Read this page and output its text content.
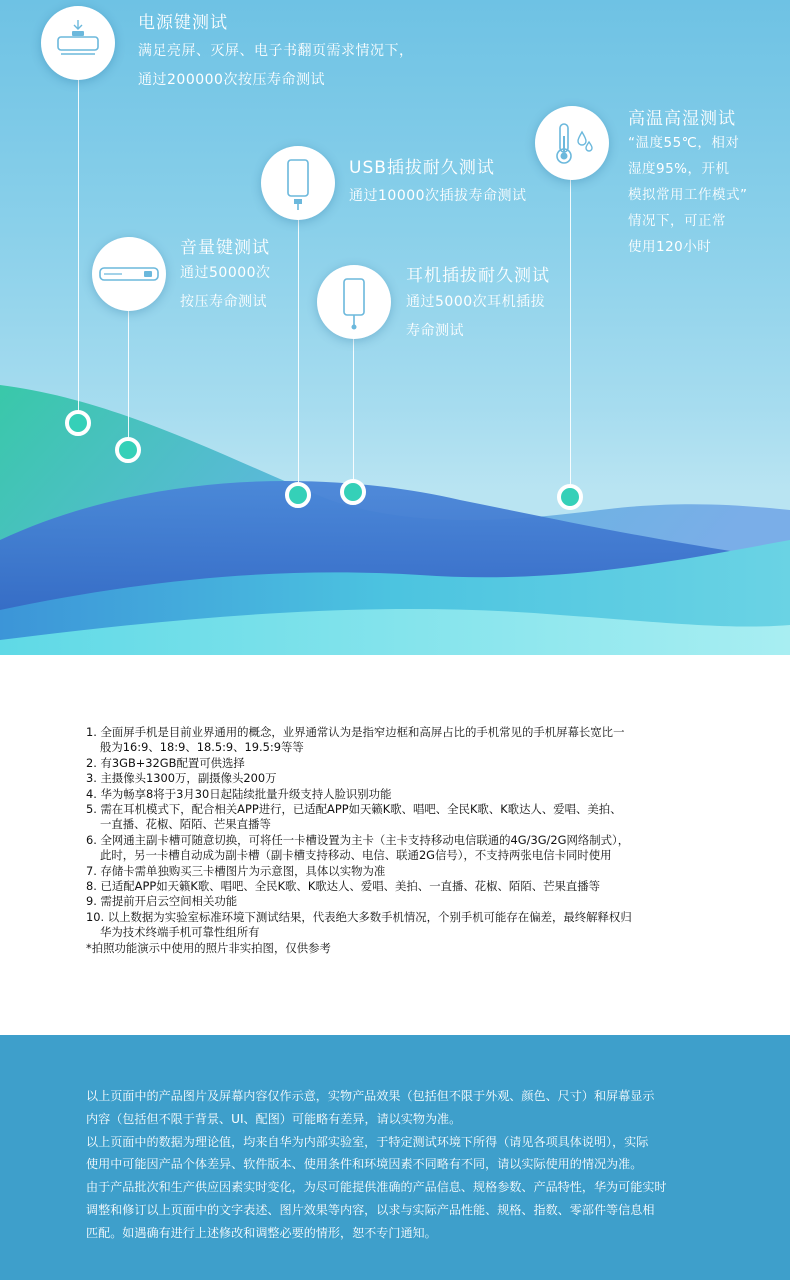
电源键测试
满足亮屏、灭屏、电子书翻页需求情况下，
通过200000次按压寿命测试
USB插拔耐久测试
通过10000次插拔寿命测试
音量键测试
通过50000次
按压寿命测试
耳机插拔耐久测试
通过5000次耳机插拔
寿命测试
高温高湿测试
“温度55℃，相对
湿度95%，开机
模拟常用工作模式”
情况下，可正常
使用120小时
1. 全面屏手机是目前业界通用的概念，业界通常认为是指窄边框和高屏占比的手机常见的手机屏幕长宽比一
般为16:9、18:9、18.5:9、19.5:9等等
2. 有3GB+32GB配置可供选择
3. 主摄像头1300万，副摄像头200万
4. 华为畅享8将于3月30日起陆续批量升级支持人脸识别功能
5. 需在耳机模式下，配合相关APP进行，已适配APP如天籁K歌、唱吧、全民K歌、K歌达人、爱唱、美拍、
一直播、花椒、陌陌、芒果直播等
6. 全网通主副卡槽可随意切换，可将任一卡槽设置为主卡（主卡支持移动电信联通的4G/3G/2G网络制式），
此时，另一卡槽自动成为副卡槽（副卡槽支持移动、电信、联通2G信号），不支持两张电信卡同时使用
7. 存储卡需单独购买三卡槽图片为示意图，具体以实物为准
8. 已适配APP如天籁K歌、唱吧、全民K歌、K歌达人、爱唱、美拍、一直播、花椒、陌陌、芒果直播等
9. 需提前开启云空间相关功能
10. 以上数据为实验室标准环境下测试结果，代表绝大多数手机情况，个别手机可能存在偏差，最终解释权归
华为技术终端手机可靠性组所有
*拍照功能演示中使用的照片非实拍图，仅供参考
以上页面中的产品图片及屏幕内容仅作示意，实物产品效果（包括但不限于外观、颜色、尺寸）和屏幕显示
内容（包括但不限于背景、UI、配图）可能略有差异，请以实物为准。
以上页面中的数据为理论值，均来自华为内部实验室，于特定测试环境下所得（请见各项具体说明），实际
使用中可能因产品个体差异、软件版本、使用条件和环境因素不同略有不同，请以实际使用的情况为准。
由于产品批次和生产供应因素实时变化，为尽可能提供准确的产品信息、规格参数、产品特性，华为可能实时
调整和修订以上页面中的文字表述、图片效果等内容，以求与实际产品性能、规格、指数、零部件等信息相
匹配。如遇确有进行上述修改和调整必要的情形，恕不专门通知。
